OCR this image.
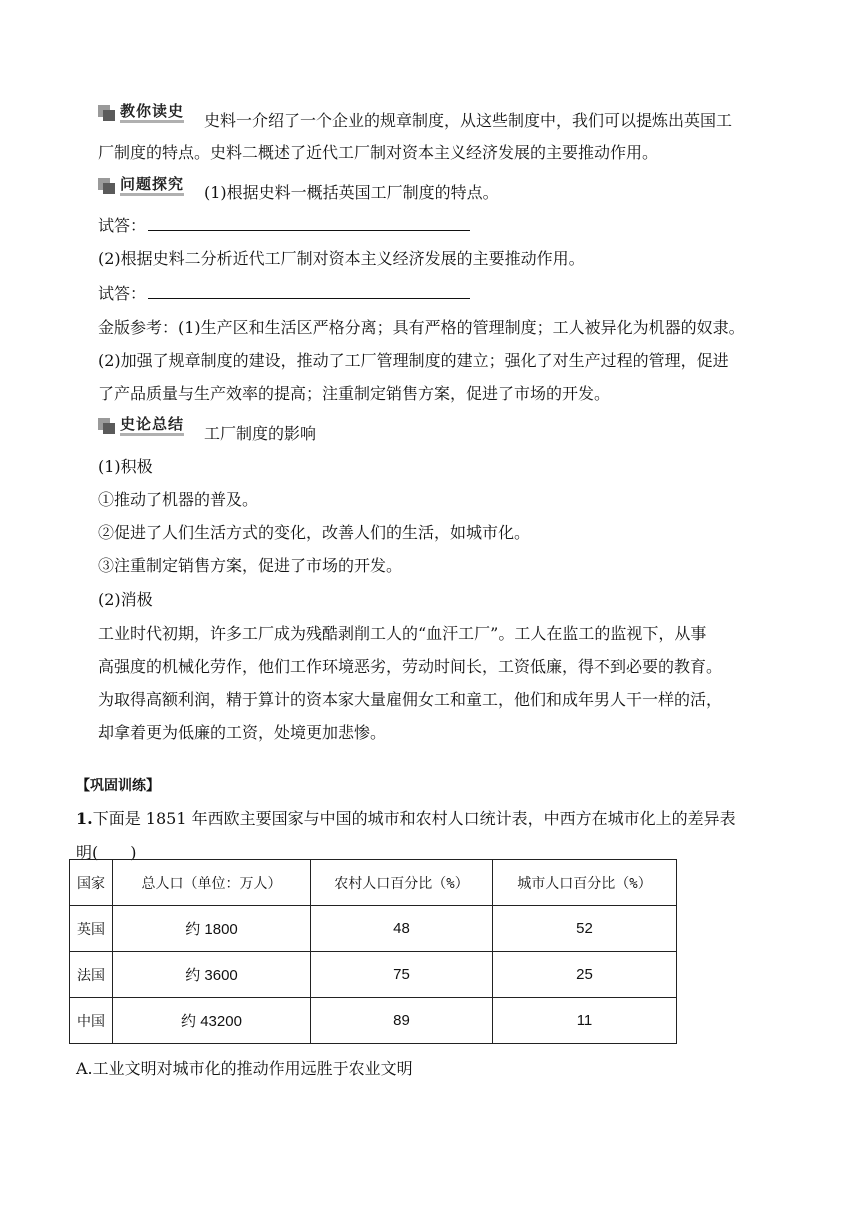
教你读史 史料一介绍了一个企业的规章制度，从这些制度中，我们可以提炼出英国工
厂制度的特点。史料二概述了近代工厂制对资本主义经济发展的主要推动作用。
问题探究 (1)根据史料一概括英国工厂制度的特点。
试答：
(2)根据史料二分析近代工厂制对资本主义经济发展的主要推动作用。
试答：
金版参考：(1)生产区和生活区严格分离；具有严格的管理制度；工人被异化为机器的奴隶。
(2)加强了规章制度的建设，推动了工厂管理制度的建立；强化了对生产过程的管理，促进
了产品质量与生产效率的提高；注重制定销售方案，促进了市场的开发。
史论总结 工厂制度的影响
(1)积极
①推动了机器的普及。
②促进了人们生活方式的变化，改善人们的生活，如城市化。
③注重制定销售方案，促进了市场的开发。
(2)消极
工业时代初期，许多工厂成为残酷剥削工人的“血汗工厂”。工人在监工的监视下，从事
高强度的机械化劳作，他们工作环境恶劣，劳动时间长，工资低廉，得不到必要的教育。
为取得高额利润，精于算计的资本家大量雇佣女工和童工，他们和成年男人干一样的活，
却拿着更为低廉的工资，处境更加悲惨。
【巩固训练】
1.下面是 1851 年西欧主要国家与中国的城市和农村人口统计表，中西方在城市化上的差异表
明(　　)
国家	总人口（单位：万人）	农村人口百分比（%）	城市人口百分比（%）
英国	约 1800	48	52
法国	约 3600	75	25
中国	约 43200	89	11
A.工业文明对城市化的推动作用远胜于农业文明
